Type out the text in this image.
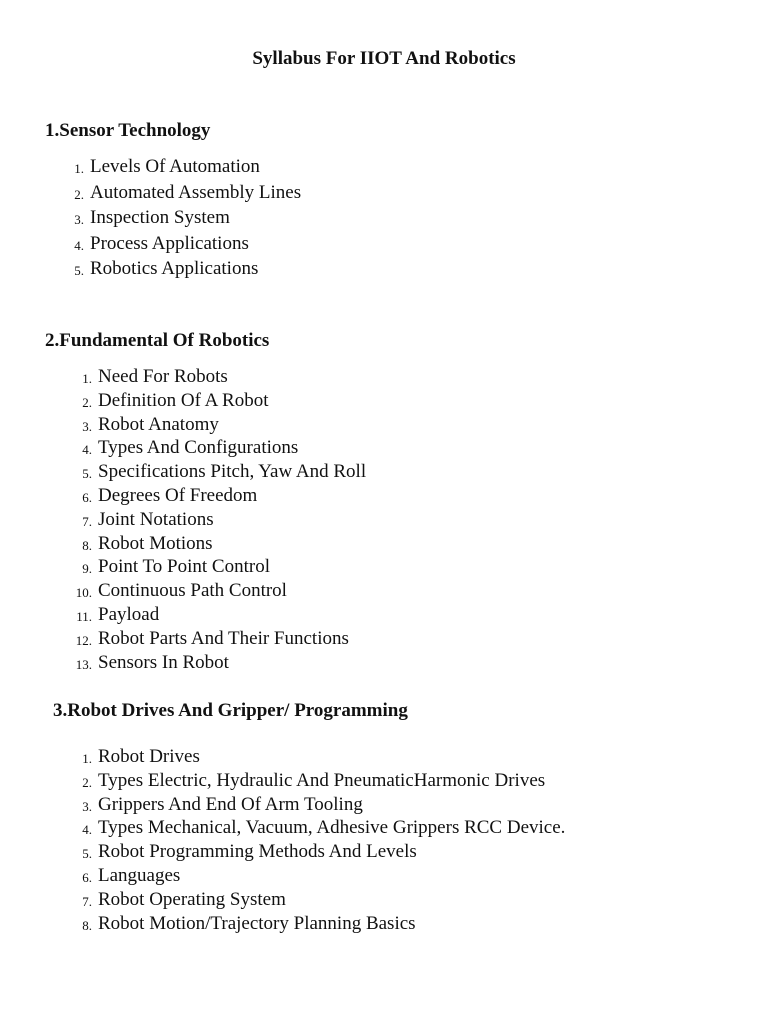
Syllabus For IIOT And Robotics
1.Sensor Technology
1. Levels Of Automation
2. Automated Assembly Lines
3. Inspection System
4. Process Applications
5. Robotics Applications
2.Fundamental Of Robotics
1. Need For Robots
2. Definition Of A Robot
3. Robot Anatomy
4. Types And Configurations
5. Specifications Pitch, Yaw And Roll
6. Degrees Of Freedom
7. Joint Notations
8. Robot Motions
9. Point To Point Control
10. Continuous Path Control
11. Payload
12. Robot Parts And Their Functions
13. Sensors In Robot
3.Robot Drives And Gripper/ Programming
1. Robot Drives
2. Types Electric, Hydraulic And PneumaticHarmonic Drives
3. Grippers And End Of Arm Tooling
4. Types Mechanical, Vacuum, Adhesive Grippers RCC Device.
5. Robot Programming Methods And Levels
6. Languages
7. Robot Operating System
8. Robot Motion/Trajectory Planning Basics
